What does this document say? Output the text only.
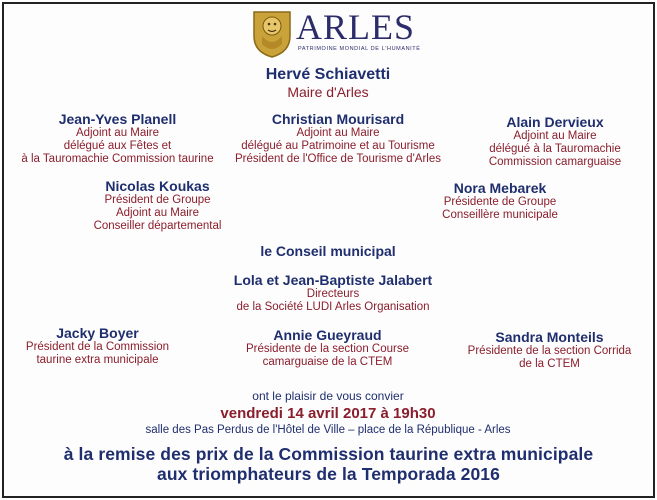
ARLES
PATRIMOINE MONDIAL DE L'HUMANITÉ
Hervé Schiavetti
Maire d'Arles
Jean-Yves Planell
Adjoint au Maire
délégué aux Fêtes et
à la Tauromachie Commission taurine
Christian Mourisard
Adjoint au Maire
délégué au Patrimoine et au Tourisme
Président de l'Office de Tourisme d'Arles
Alain Dervieux
Adjoint au Maire
délégué à la Tauromachie
Commission camarguaise
Nicolas Koukas
Président de Groupe
Adjoint au Maire
Conseiller départemental
Nora Mebarek
Présidente de Groupe
Conseillère municipale
le Conseil municipal
Lola et Jean-Baptiste Jalabert
Directeurs
de la Société LUDI Arles Organisation
Jacky Boyer
Président de la Commission
taurine extra municipale
Annie Gueyraud
Présidente de la section Course
camarguaise de la CTEM
Sandra Monteils
Présidente de la section Corrida
de la CTEM
ont le plaisir de vous convier
vendredi 14 avril 2017 à 19h30
salle des Pas Perdus de l'Hôtel de Ville – place de la République - Arles
à la remise des prix de la Commission taurine extra municipale
aux triomphateurs de la Temporada 2016
